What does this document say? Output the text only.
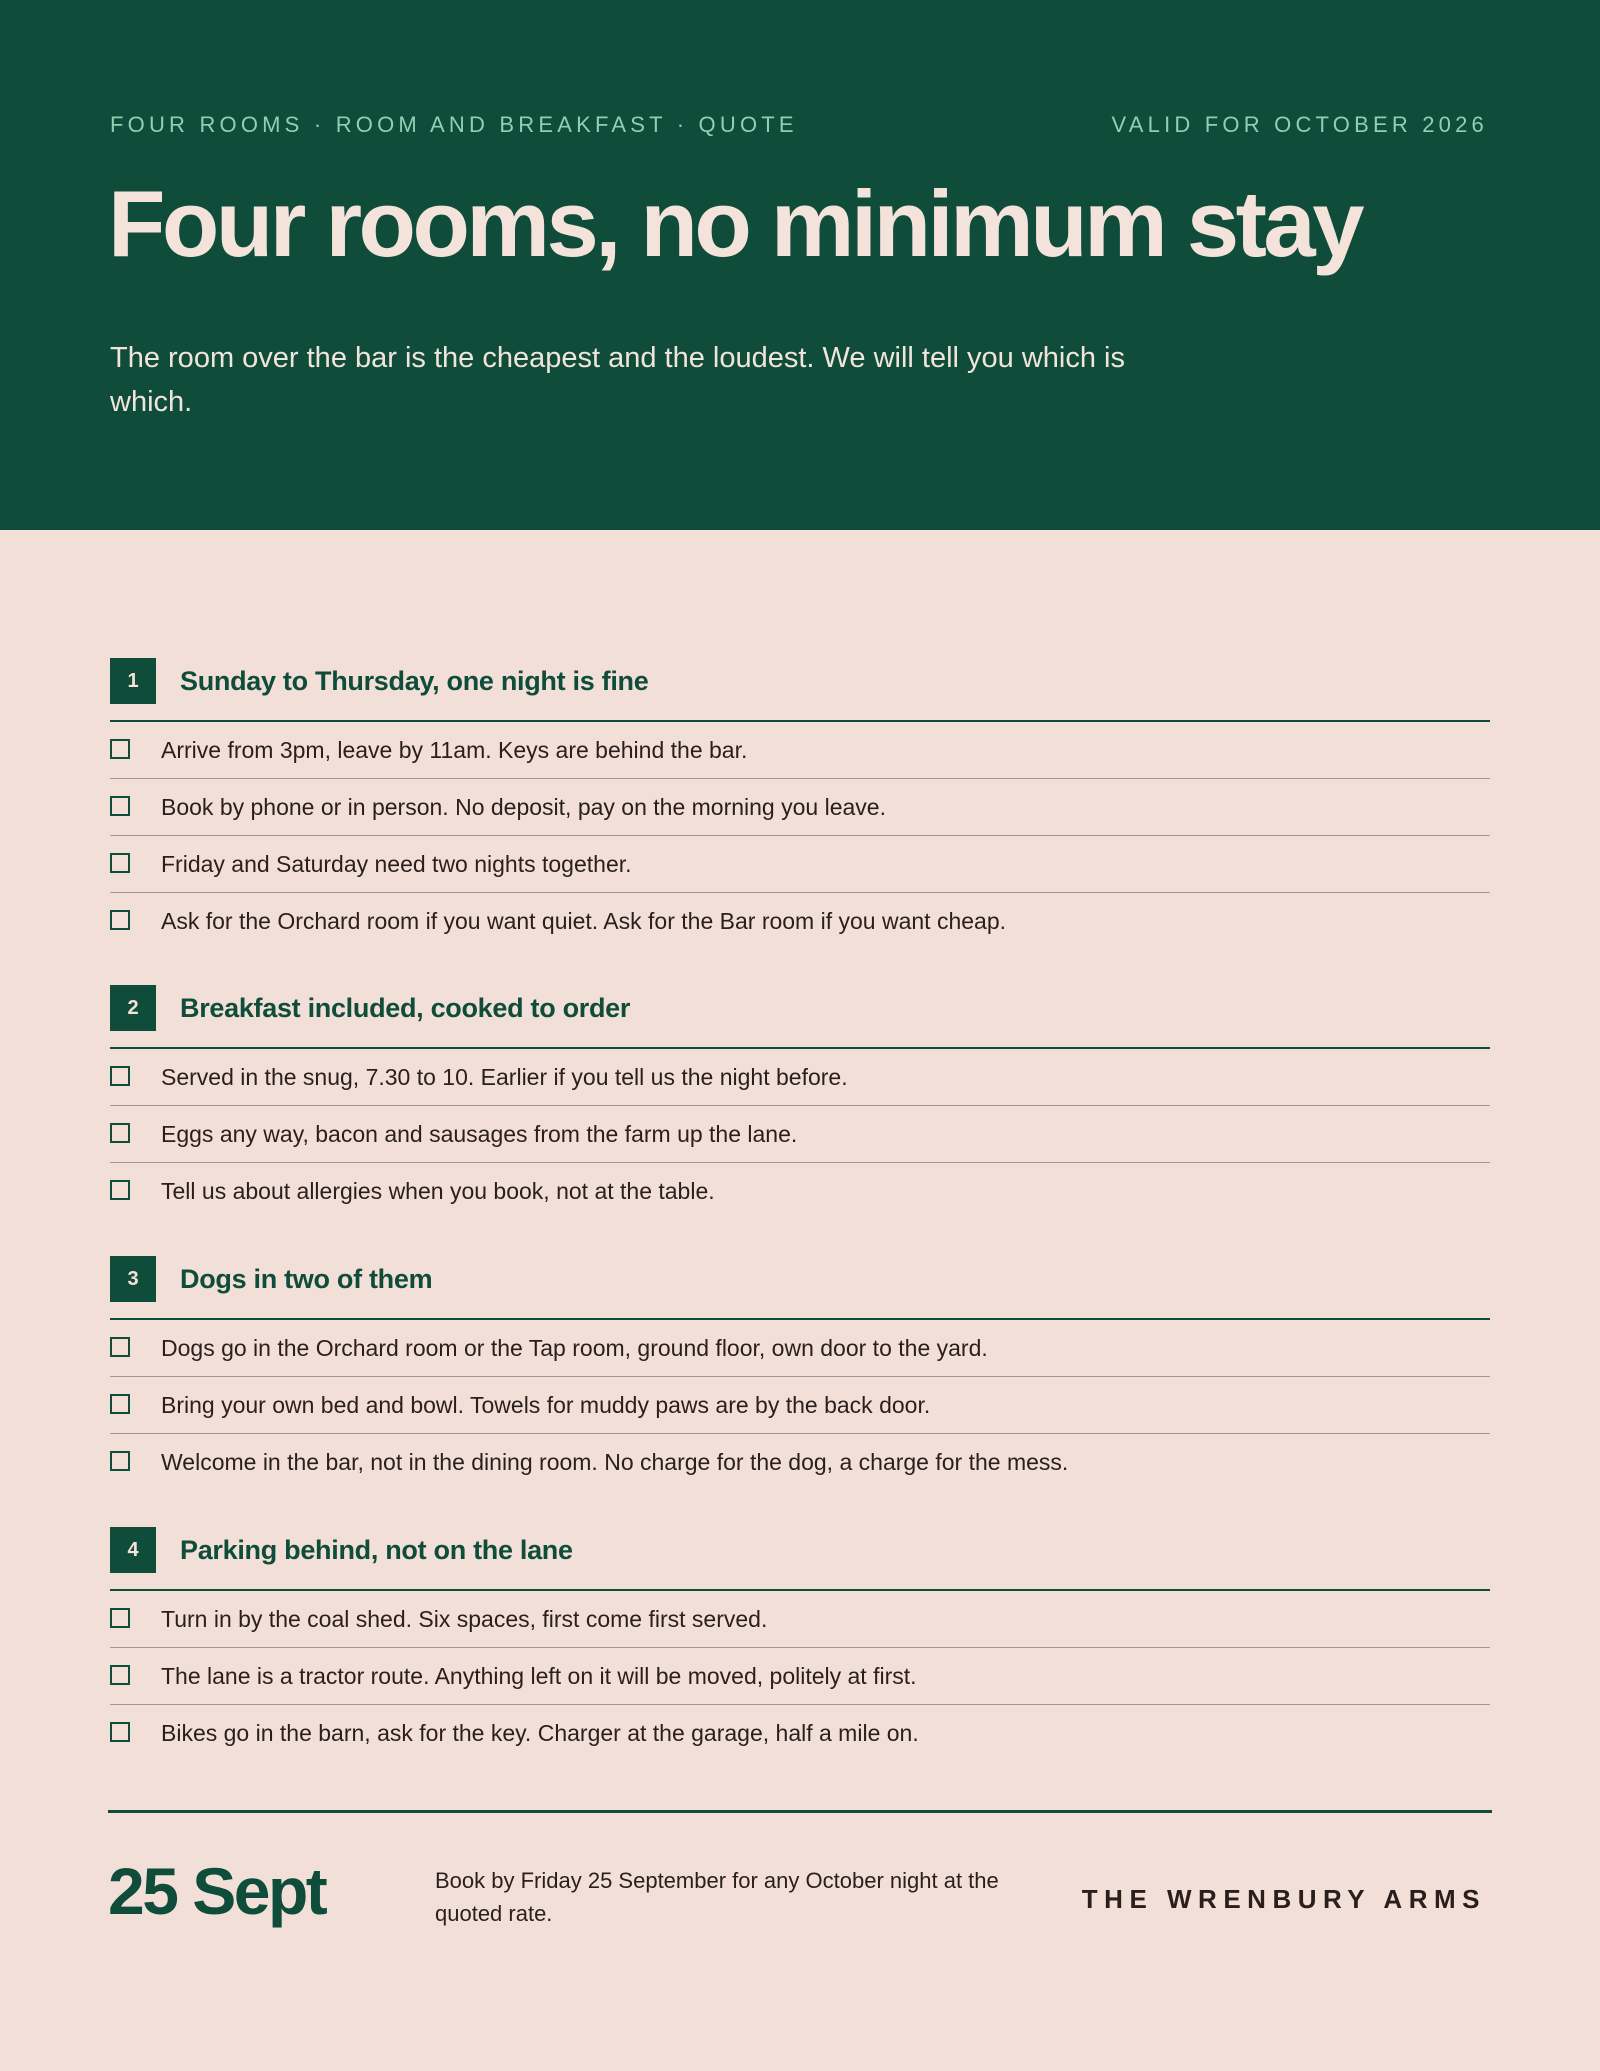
FOUR ROOMS · ROOM AND BREAKFAST · QUOTE	VALID FOR OCTOBER 2026
Four rooms, no minimum stay

The room over the bar is the cheapest and the loudest. We will tell you which is which.

1	Sunday to Thursday, one night is fine
Arrive from 3pm, leave by 11am. Keys are behind the bar.
Book by phone or in person. No deposit, pay on the morning you leave.
Friday and Saturday need two nights together.
Ask for the Orchard room if you want quiet. Ask for the Bar room if you want cheap.
2	Breakfast included, cooked to order
Served in the snug, 7.30 to 10. Earlier if you tell us the night before.
Eggs any way, bacon and sausages from the farm up the lane.
Tell us about allergies when you book, not at the table.
3	Dogs in two of them
Dogs go in the Orchard room or the Tap room, ground floor, own door to the yard.
Bring your own bed and bowl. Towels for muddy paws are by the back door.
Welcome in the bar, not in the dining room. No charge for the dog, a charge for the mess.
4	Parking behind, not on the lane
Turn in by the coal shed. Six spaces, first come first served.
The lane is a tractor route. Anything left on it will be moved, politely at first.
Bikes go in the barn, ask for the key. Charger at the garage, half a mile on.
25 Sept	Book by Friday 25 September for any October night at the quoted rate.	THE WRENBURY ARMS
